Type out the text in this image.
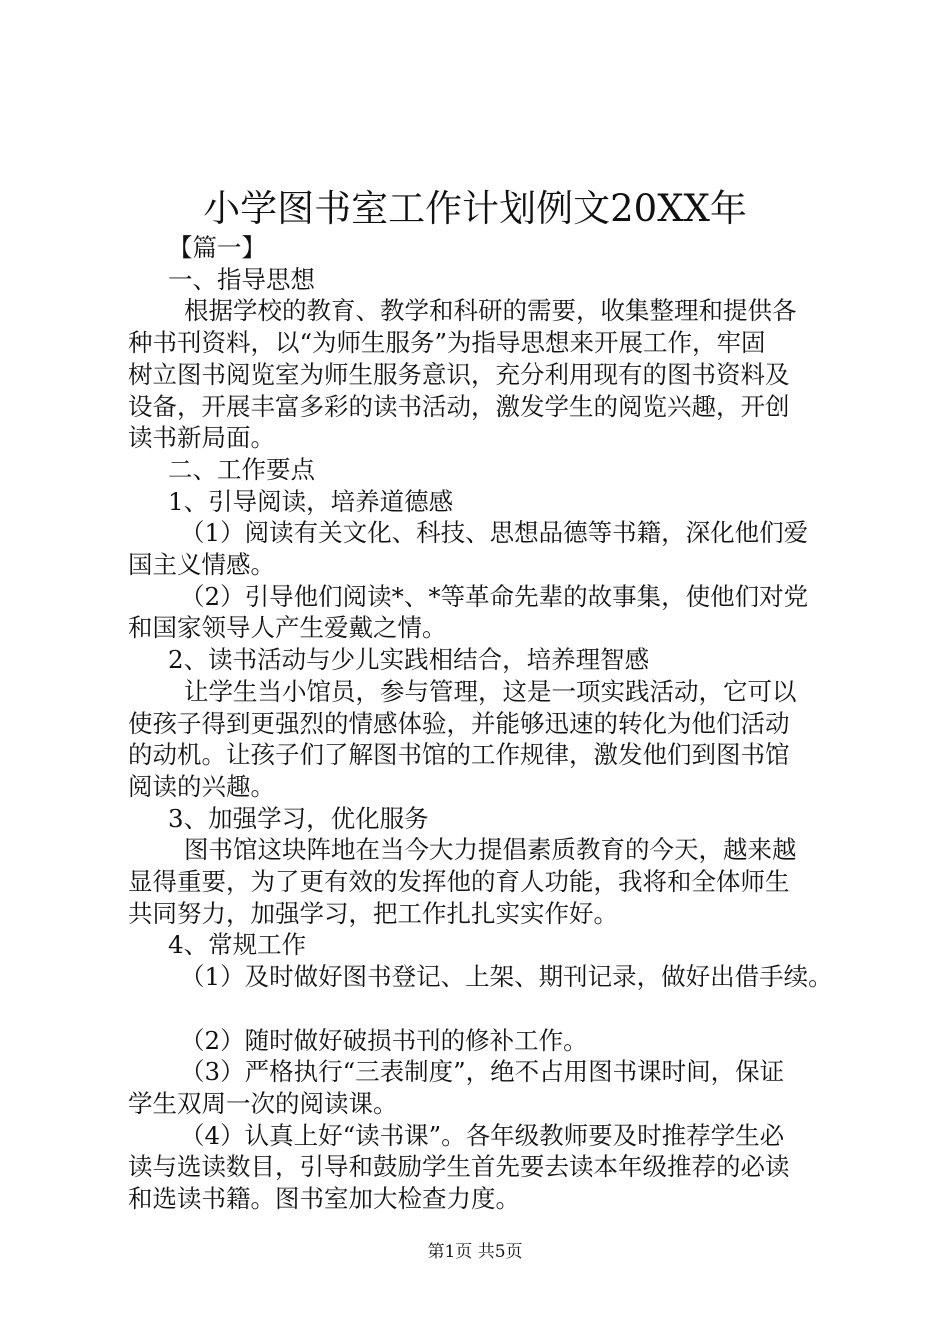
小学图书室工作计划例文20XX年

【篇一】

一、指导思想

根据学校的教育、教学和科研的需要，收集整理和提供各

种书刊资料，以“为师生服务”为指导思想来开展工作，牢固

树立图书阅览室为师生服务意识，充分利用现有的图书资料及

设备，开展丰富多彩的读书活动，激发学生的阅览兴趣，开创

读书新局面。

二、工作要点

1、引导阅读，培养道德感

（1）阅读有关文化、科技、思想品德等书籍，深化他们爱

国主义情感。

（2）引导他们阅读*、*等革命先辈的故事集，使他们对党

和国家领导人产生爱戴之情。

2、读书活动与少儿实践相结合，培养理智感

让学生当小馆员，参与管理，这是一项实践活动，它可以

使孩子得到更强烈的情感体验，并能够迅速的转化为他们活动

的动机。让孩子们了解图书馆的工作规律，激发他们到图书馆

阅读的兴趣。

3、加强学习，优化服务

图书馆这块阵地在当今大力提倡素质教育的今天，越来越

显得重要，为了更有效的发挥他的育人功能，我将和全体师生

共同努力，加强学习，把工作扎扎实实作好。

4、常规工作

（1）及时做好图书登记、上架、期刊记录，做好出借手续。

（2）随时做好破损书刊的修补工作。

（3）严格执行“三表制度”，绝不占用图书课时间，保证

学生双周一次的阅读课。

（4）认真上好“读书课”。各年级教师要及时推荐学生必

读与选读数目，引导和鼓励学生首先要去读本年级推荐的必读

和选读书籍。图书室加大检查力度。

第1页 共5页
